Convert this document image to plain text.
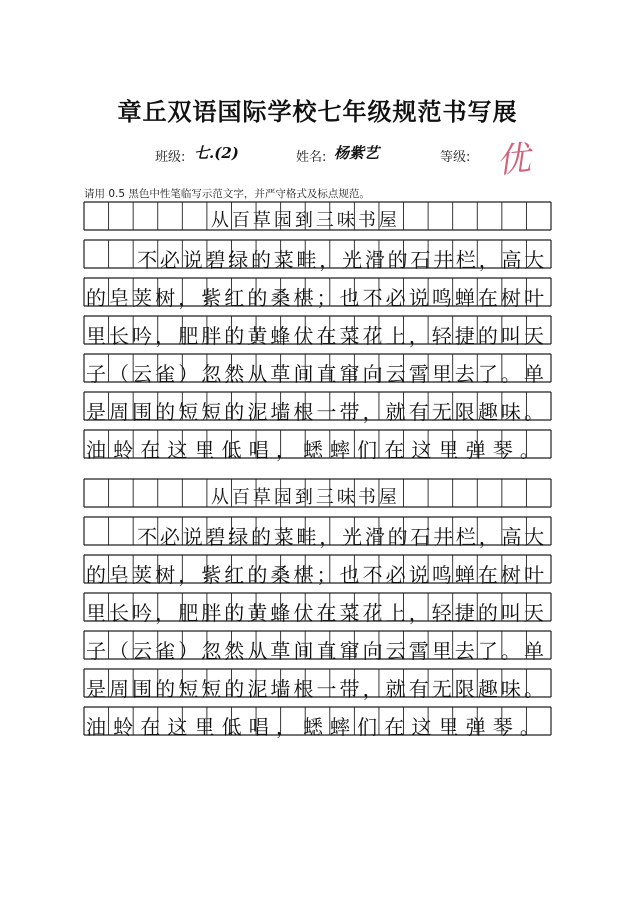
章丘双语国际学校七年级规范书写展
班级: 七.(2)	姓名: 杨紫艺	等级: 优
请用 0.5 黑色中性笔临写示范文字，并严守格式及标点规范。
从百草园到三味书屋
不必说碧绿的菜畦，光滑的石井栏，高大
的皂荚树，紫红的桑椹；也不必说鸣蝉在树叶
里长吟，肥胖的黄蜂伏在菜花上，轻捷的叫天
子（云雀）忽然从草间直窜向云霄里去了。单
是周围的短短的泥墙根一带，就有无限趣味。
油蛉在这里低唱，蟋蟀们在这里弹琴。
从百草园到三味书屋
不必说碧绿的菜畦，光滑的石井栏，高大
的皂荚树，紫红的桑椹；也不必说鸣蝉在树叶
里长吟，肥胖的黄蜂伏在菜花上，轻捷的叫天
子（云雀）忽然从草间直窜向云霄里去了。单
是周围的短短的泥墙根一带，就有无限趣味。
油蛉在这里低唱，蟋蟀们在这里弹琴。
